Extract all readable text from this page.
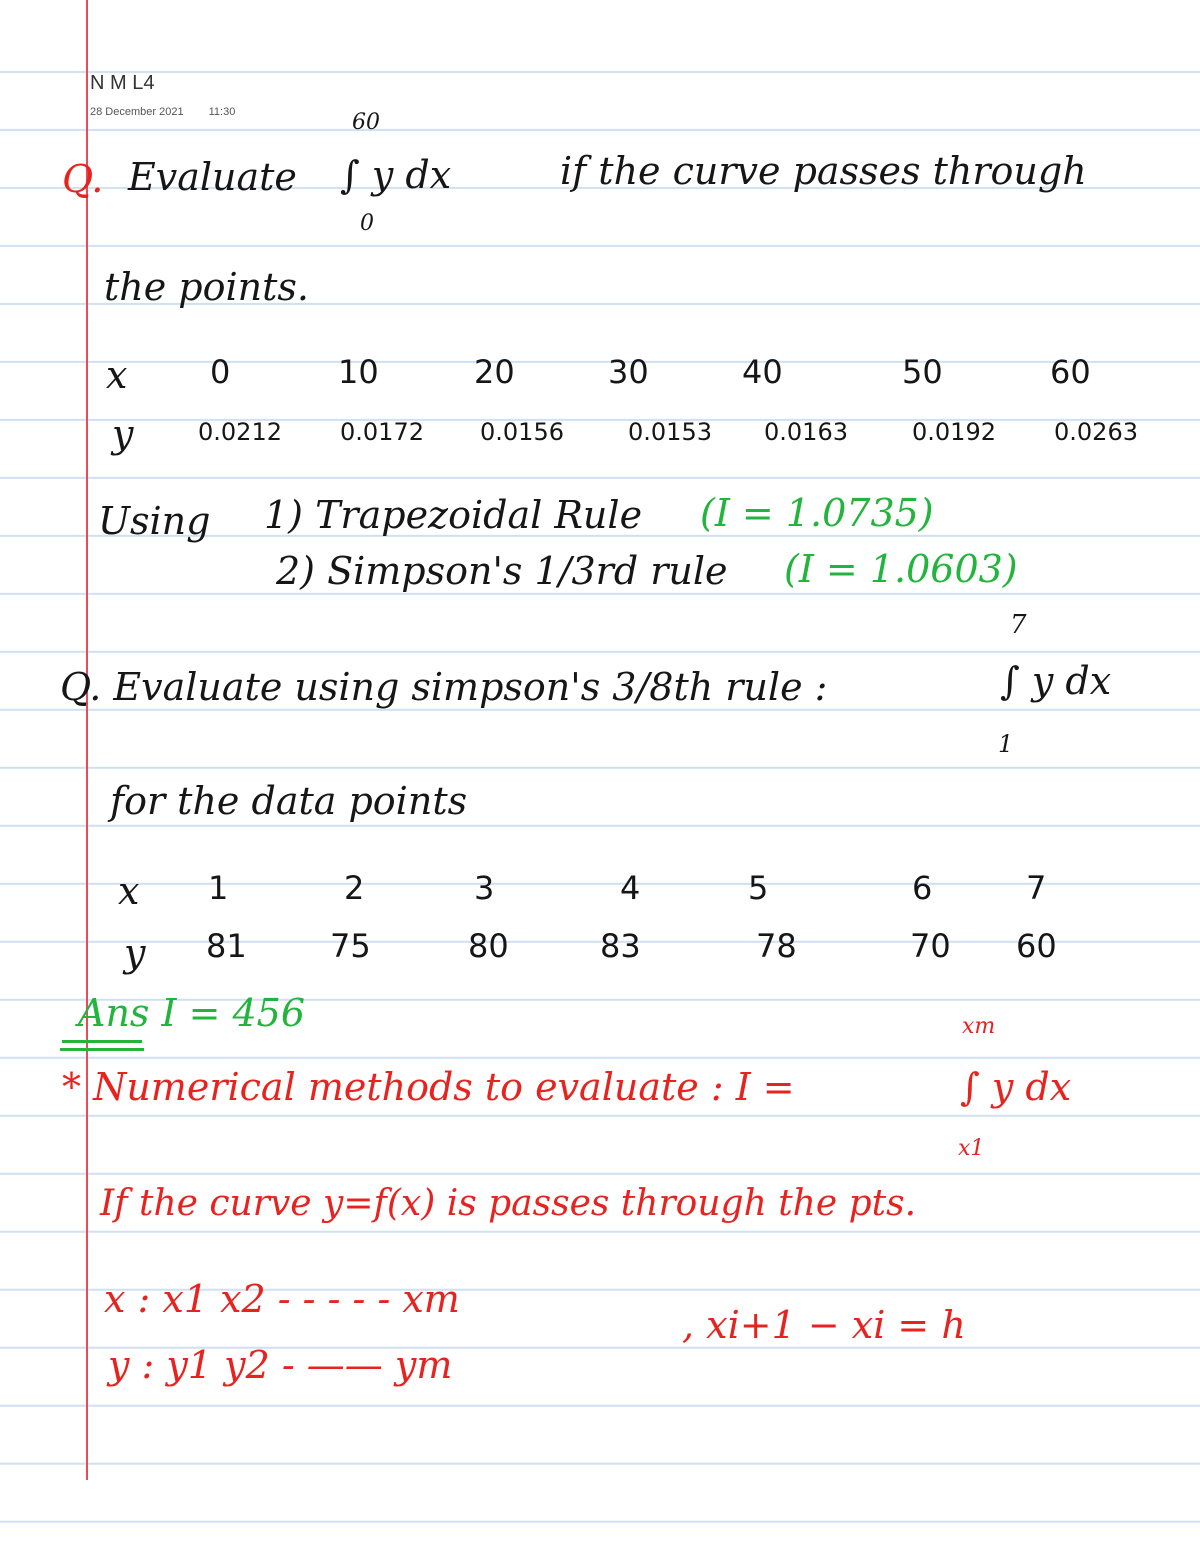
N M L4
28 December 2021 11:30
Q. Evaluate
60
∫ y dx
0
if the curve passes through
the points.
x	0	10	20	30	40	50	60
y	0.0212 0.0172 0.0156	0.0153 0.0163	0.0192 0.0263
Using 1) Trapezoidal Rule (I = 1.0735)
2) Simpson's 1/3rd rule (I = 1.0603)
Q. Evaluate using simpson's 3/8th rule :
7
∫ y dx
1
for the data points
x 1	2	3	4	5	6	7
y 81	75	80	83	78	70 60
Ans I = 456
* Numerical methods to evaluate : I =
xm
∫ y dx
x1
If the curve y=f(x) is passes through the pts.
x : x1 x2 - - - - - xm
y : y1 y2 - —— ym
, xi+1 − xi = h
